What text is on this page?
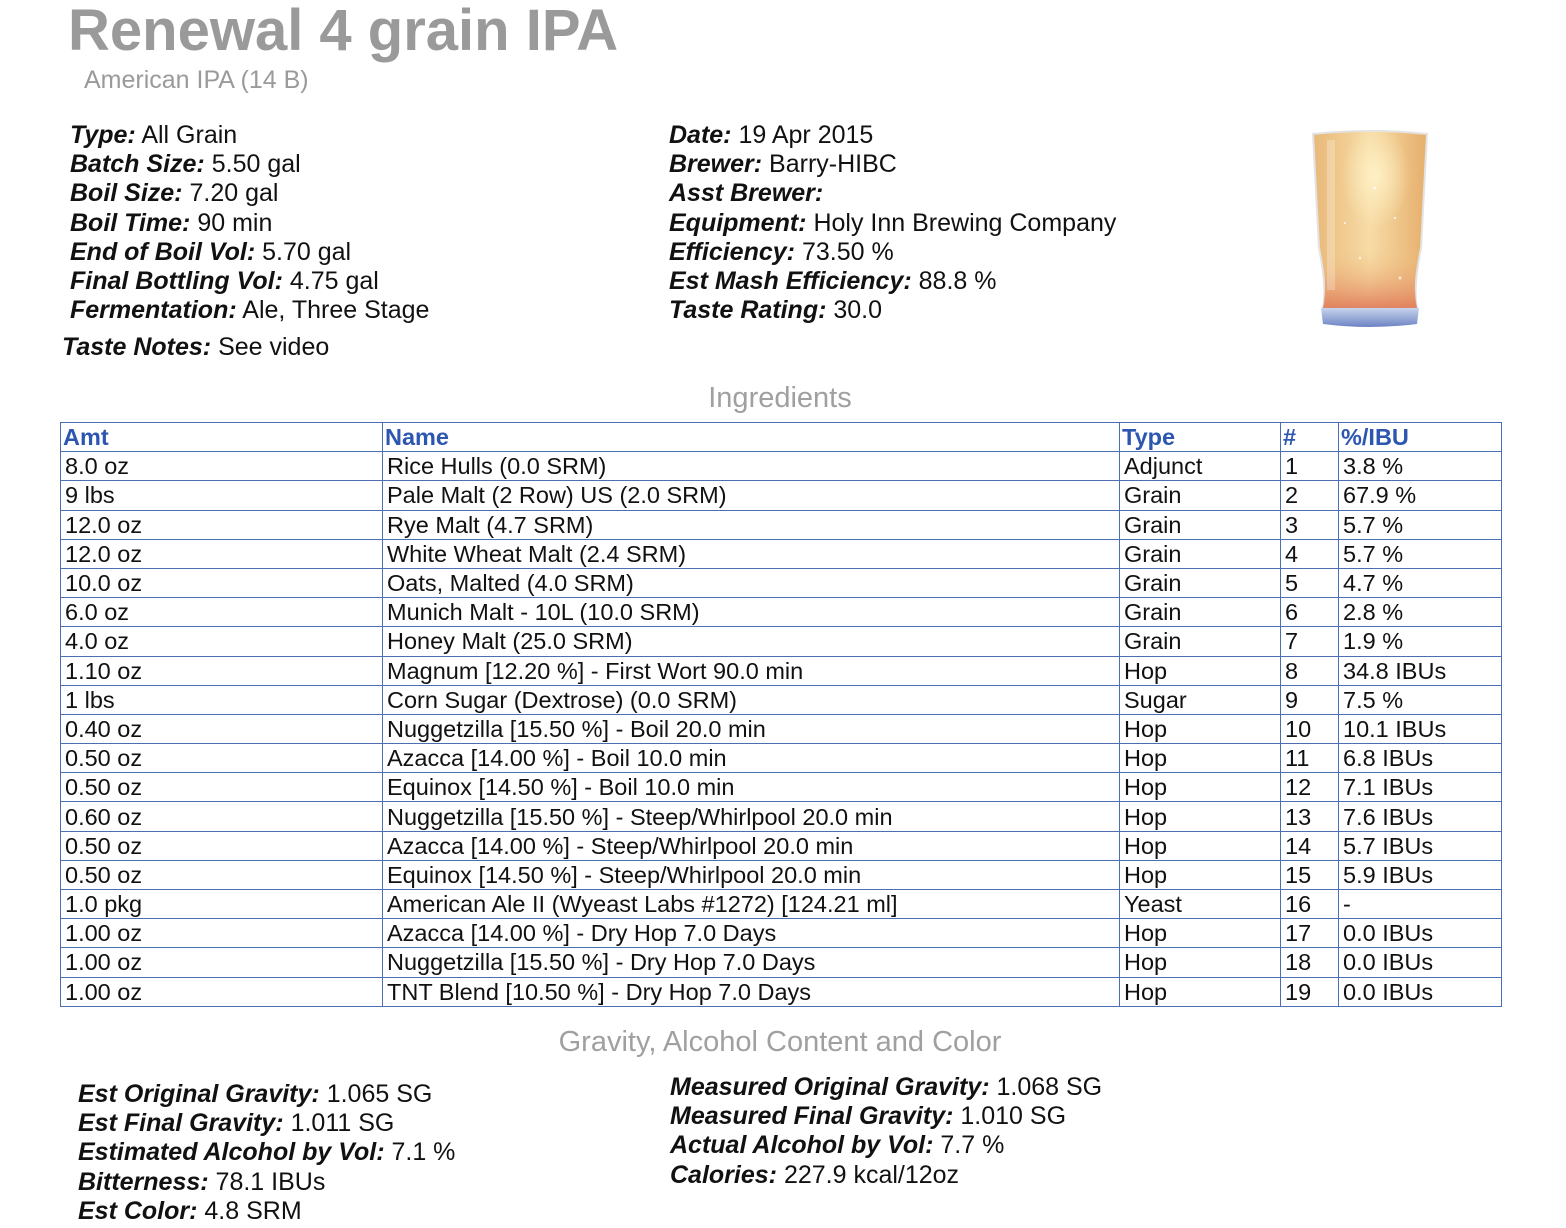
Renewal 4 grain IPA
American IPA (14 B)
Type: All Grain
Batch Size: 5.50 gal
Boil Size: 7.20 gal
Boil Time: 90 min
End of Boil Vol: 5.70 gal
Final Bottling Vol: 4.75 gal
Fermentation: Ale, Three Stage
Date: 19 Apr 2015
Brewer: Barry-HIBC
Asst Brewer:
Equipment: Holy Inn Brewing Company
Efficiency: 73.50 %
Est Mash Efficiency: 88.8 %
Taste Rating: 30.0
Taste Notes: See video
Ingredients
Amt	Name	Type	#	%/IBU
8.0 oz	Rice Hulls (0.0 SRM)	Adjunct	1	3.8 %
9 lbs	Pale Malt (2 Row) US (2.0 SRM)	Grain	2	67.9 %
12.0 oz	Rye Malt (4.7 SRM)	Grain	3	5.7 %
12.0 oz	White Wheat Malt (2.4 SRM)	Grain	4	5.7 %
10.0 oz	Oats, Malted (4.0 SRM)	Grain	5	4.7 %
6.0 oz	Munich Malt - 10L (10.0 SRM)	Grain	6	2.8 %
4.0 oz	Honey Malt (25.0 SRM)	Grain	7	1.9 %
1.10 oz	Magnum [12.20 %] - First Wort 90.0 min	Hop	8	34.8 IBUs
1 lbs	Corn Sugar (Dextrose) (0.0 SRM)	Sugar	9	7.5 %
0.40 oz	Nuggetzilla [15.50 %] - Boil 20.0 min	Hop	10	10.1 IBUs
0.50 oz	Azacca [14.00 %] - Boil 10.0 min	Hop	11	6.8 IBUs
0.50 oz	Equinox [14.50 %] - Boil 10.0 min	Hop	12	7.1 IBUs
0.60 oz	Nuggetzilla [15.50 %] - Steep/Whirlpool 20.0 min	Hop	13	7.6 IBUs
0.50 oz	Azacca [14.00 %] - Steep/Whirlpool 20.0 min	Hop	14	5.7 IBUs
0.50 oz	Equinox [14.50 %] - Steep/Whirlpool 20.0 min	Hop	15	5.9 IBUs
1.0 pkg	American Ale II (Wyeast Labs #1272) [124.21 ml]	Yeast	16	-
1.00 oz	Azacca [14.00 %] - Dry Hop 7.0 Days	Hop	17	0.0 IBUs
1.00 oz	Nuggetzilla [15.50 %] - Dry Hop 7.0 Days	Hop	18	0.0 IBUs
1.00 oz	TNT Blend [10.50 %] - Dry Hop 7.0 Days	Hop	19	0.0 IBUs
Gravity, Alcohol Content and Color
Est Original Gravity: 1.065 SG
Est Final Gravity: 1.011 SG
Estimated Alcohol by Vol: 7.1 %
Bitterness: 78.1 IBUs
Est Color: 4.8 SRM
Measured Original Gravity: 1.068 SG
Measured Final Gravity: 1.010 SG
Actual Alcohol by Vol: 7.7 %
Calories: 227.9 kcal/12oz
